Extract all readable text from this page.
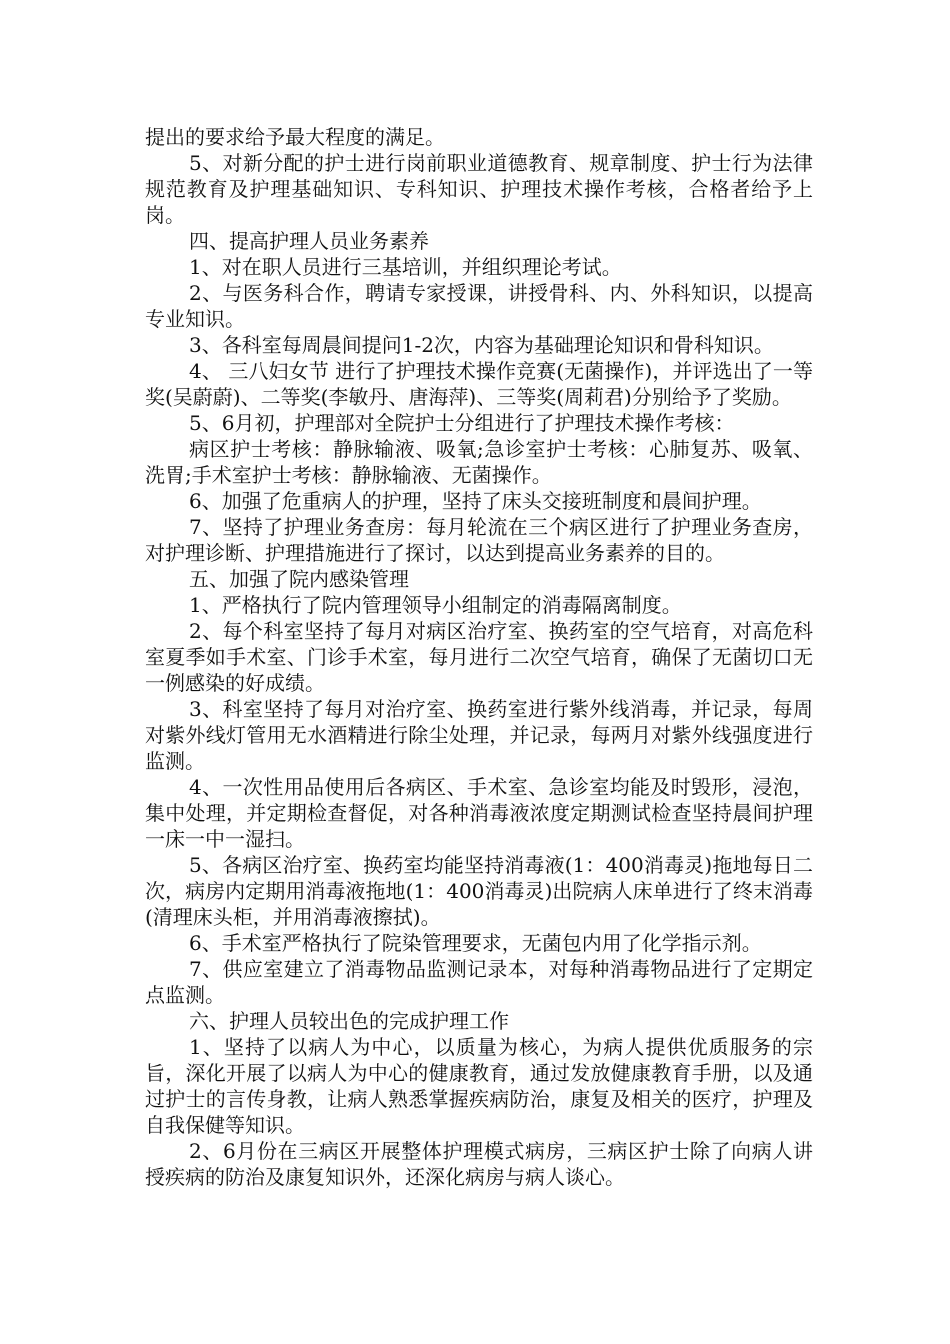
提出的要求给予最大程度的满足。

5、对新分配的护士进行岗前职业道德教育、规章制度、护士行为法律规范教育及护理基础知识、专科知识、护理技术操作考核，合格者给予上岗。

四、提高护理人员业务素养

1、对在职人员进行三基培训，并组织理论考试。

2、与医务科合作，聘请专家授课，讲授骨科、内、外科知识，以提高专业知识。

3、各科室每周晨间提问1-2次，内容为基础理论知识和骨科知识。

4、 三八妇女节 进行了护理技术操作竞赛(无菌操作)，并评选出了一等奖(吴蔚蔚)、二等奖(李敏丹、唐海萍)、三等奖(周莉君)分别给予了奖励。

5、6月初，护理部对全院护士分组进行了护理技术操作考核：

病区护士考核：静脉输液、吸氧;急诊室护士考核：心肺复苏、吸氧、洗胃;手术室护士考核：静脉输液、无菌操作。

6、加强了危重病人的护理，坚持了床头交接班制度和晨间护理。

7、坚持了护理业务查房：每月轮流在三个病区进行了护理业务查房，对护理诊断、护理措施进行了探讨，以达到提高业务素养的目的。

五、加强了院内感染管理

1、严格执行了院内管理领导小组制定的消毒隔离制度。

2、每个科室坚持了每月对病区治疗室、换药室的空气培育，对高危科室夏季如手术室、门诊手术室，每月进行二次空气培育，确保了无菌切口无一例感染的好成绩。

3、科室坚持了每月对治疗室、换药室进行紫外线消毒，并记录，每周对紫外线灯管用无水酒精进行除尘处理，并记录，每两月对紫外线强度进行监测。

4、一次性用品使用后各病区、手术室、急诊室均能及时毁形，浸泡，集中处理，并定期检查督促，对各种消毒液浓度定期测试检查坚持晨间护理一床一中一湿扫。

5、各病区治疗室、换药室均能坚持消毒液(1：400消毒灵)拖地每日二次，病房内定期用消毒液拖地(1：400消毒灵)出院病人床单进行了终末消毒(清理床头柜，并用消毒液擦拭)。

6、手术室严格执行了院染管理要求，无菌包内用了化学指示剂。

7、供应室建立了消毒物品监测记录本，对每种消毒物品进行了定期定点监测。

六、护理人员较出色的完成护理工作

1、坚持了以病人为中心，以质量为核心，为病人提供优质服务的宗旨，深化开展了以病人为中心的健康教育，通过发放健康教育手册，以及通过护士的言传身教，让病人熟悉掌握疾病防治，康复及相关的医疗，护理及自我保健等知识。

2、6月份在三病区开展整体护理模式病房，三病区护士除了向病人讲授疾病的防治及康复知识外，还深化病房与病人谈心。
